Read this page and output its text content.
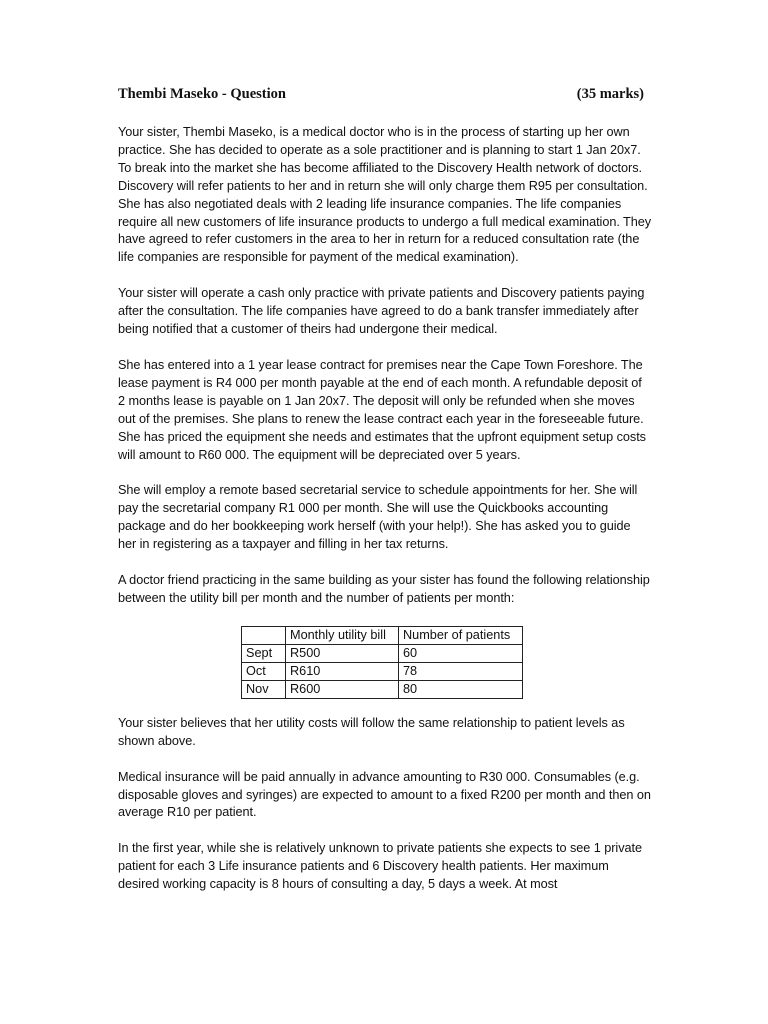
Thembi Maseko - Question	(35 marks)

Your sister, Thembi Maseko, is a medical doctor who is in the process of starting up her own practice. She has decided to operate as a sole practitioner and is planning to start 1 Jan 20x7. To break into the market she has become affiliated to the Discovery Health network of doctors. Discovery will refer patients to her and in return she will only charge them R95 per consultation. She has also negotiated deals with 2 leading life insurance companies. The life companies require all new customers of life insurance products to undergo a full medical examination. They have agreed to refer customers in the area to her in return for a reduced consultation rate (the life companies are responsible for payment of the medical examination).

Your sister will operate a cash only practice with private patients and Discovery patients paying after the consultation. The life companies have agreed to do a bank transfer immediately after being notified that a customer of theirs had undergone their medical.

She has entered into a 1 year lease contract for premises near the Cape Town Foreshore. The lease payment is R4 000 per month payable at the end of each month. A refundable deposit of 2 months lease is payable on 1 Jan 20x7. The deposit will only be refunded when she moves out of the premises. She plans to renew the lease contract each year in the foreseeable future. She has priced the equipment she needs and estimates that the upfront equipment setup costs will amount to R60 000. The equipment will be depreciated over 5 years.

She will employ a remote based secretarial service to schedule appointments for her. She will pay the secretarial company R1 000 per month. She will use the Quickbooks accounting package and do her bookkeeping work herself (with your help!). She has asked you to guide her in registering as a taxpayer and filling in her tax returns.

A doctor friend practicing in the same building as your sister has found the following relationship between the utility bill per month and the number of patients per month:

	Monthly utility bill	Number of patients
Sept	R500	60
Oct	R610	78
Nov	R600	80

Your sister believes that her utility costs will follow the same relationship to patient levels as shown above.

Medical insurance will be paid annually in advance amounting to R30 000. Consumables (e.g. disposable gloves and syringes) are expected to amount to a fixed R200 per month and then on average R10 per patient.

In the first year, while she is relatively unknown to private patients she expects to see 1 private patient for each 3 Life insurance patients and 6 Discovery health patients. Her maximum desired working capacity is 8 hours of consulting a day, 5 days a week. At most
